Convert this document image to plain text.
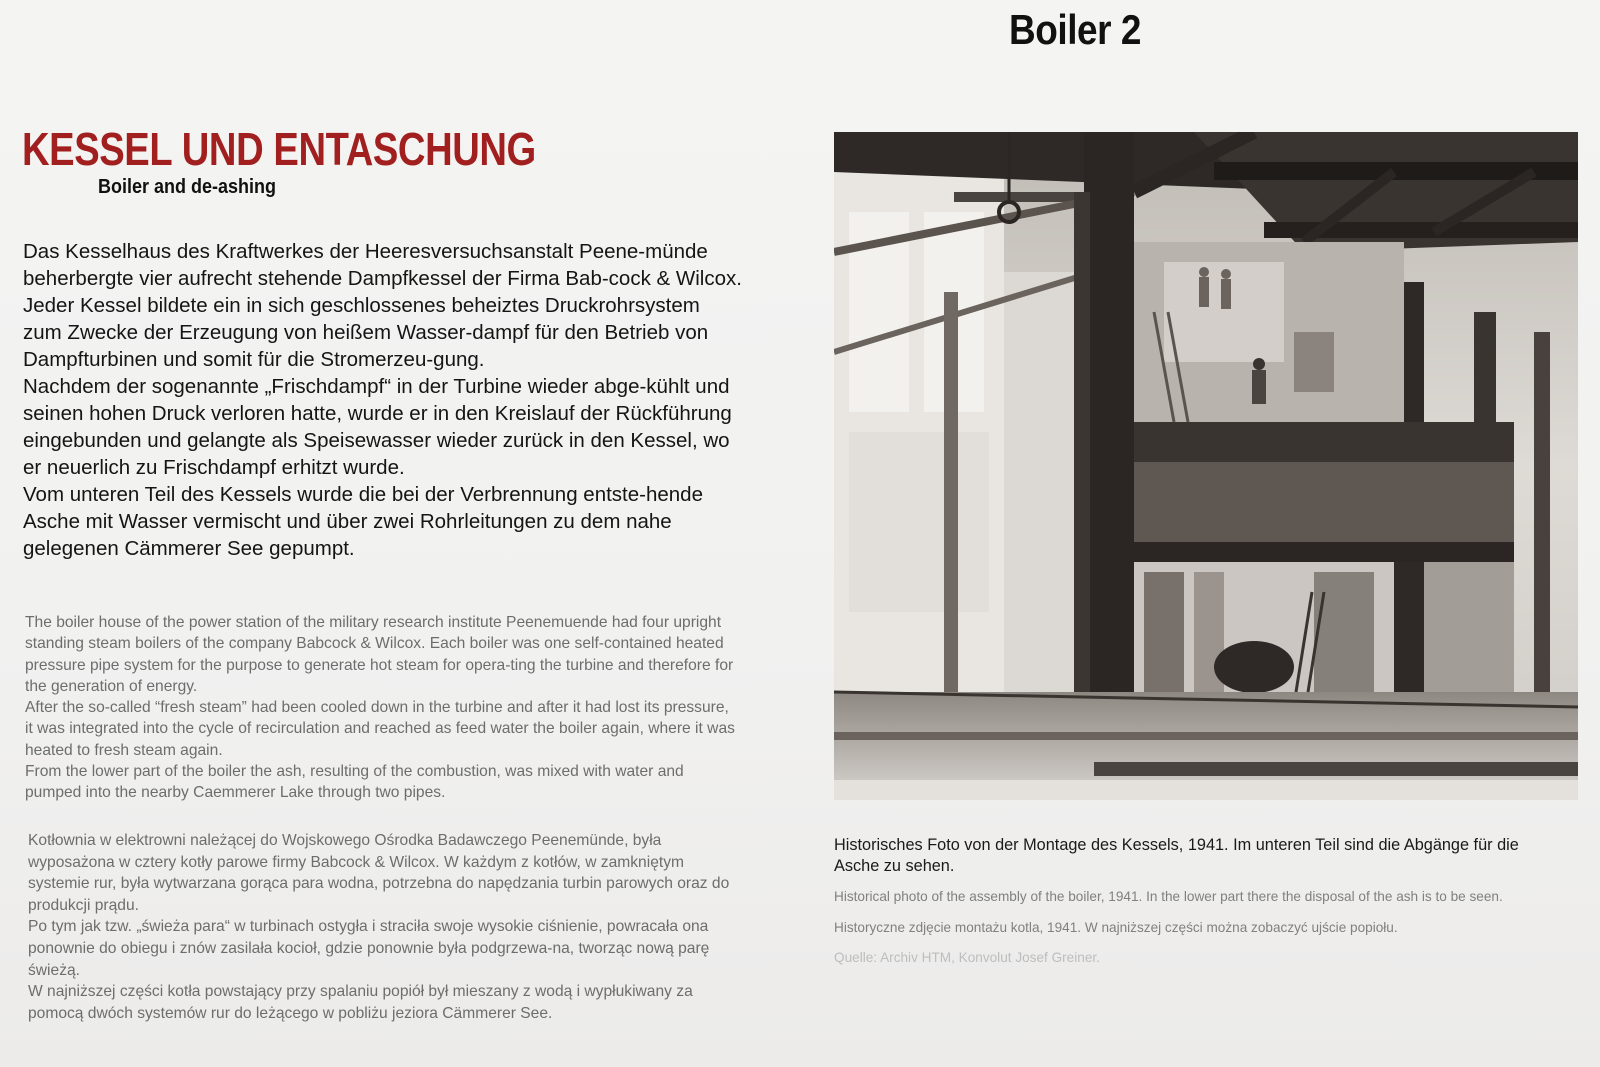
Boiler 2
KESSEL UND ENTASCHUNG
Boiler and de-ashing

Das Kesselhaus des Kraftwerkes der Heeresversuchsanstalt Peene-münde beherbergte vier aufrecht stehende Dampfkessel der Firma Bab-cock & Wilcox. Jeder Kessel bildete ein in sich geschlossenes beheiztes Druckrohrsystem zum Zwecke der Erzeugung von heißem Wasser-dampf für den Betrieb von Dampfturbinen und somit für die Stromerzeu-gung.

Nachdem der sogenannte „Frischdampf“ in der Turbine wieder abge-kühlt und seinen hohen Druck verloren hatte, wurde er in den Kreislauf der Rückführung eingebunden und gelangte als Speisewasser wieder zurück in den Kessel, wo er neuerlich zu Frischdampf erhitzt wurde.

Vom unteren Teil des Kessels wurde die bei der Verbrennung entste-hende Asche mit Wasser vermischt und über zwei Rohrleitungen zu dem nahe gelegenen Cämmerer See gepumpt.

The boiler house of the power station of the military research institute Peenemuende had four upright standing steam boilers of the company Babcock & Wilcox. Each boiler was one self-contained heated pressure pipe system for the purpose to generate hot steam for opera-ting the turbine and therefore for the generation of energy.

After the so-called “fresh steam” had been cooled down in the turbine and after it had lost its pressure, it was integrated into the cycle of recirculation and reached as feed water the boiler again, where it was heated to fresh steam again.

From the lower part of the boiler the ash, resulting of the combustion, was mixed with water and pumped into the nearby Caemmerer Lake through two pipes.

Kotłownia w elektrowni należącej do Wojskowego Ośrodka Badawczego Peenemünde, była wyposażona w cztery kotły parowe firmy Babcock & Wilcox. W każdym z kotłów, w zamkniętym systemie rur, była wytwarzana gorąca para wodna, potrzebna do napędzania turbin parowych oraz do produkcji prądu.

Po tym jak tzw. „świeża para“ w turbinach ostygła i straciła swoje wysokie ciśnienie, powracała ona ponownie do obiegu i znów zasilała kocioł, gdzie ponownie była podgrzewa-na, tworząc nową parę świeżą.

W najniższej części kotła powstający przy spalaniu popiół był mieszany z wodą i wypłukiwany za pomocą dwóch systemów rur do leżącego w pobliżu jeziora Cämmerer See.

Historisches Foto von der Montage des Kessels, 1941. Im unteren Teil sind die Abgänge für die Asche zu sehen.
Historical photo of the assembly of the boiler, 1941. In the lower part there the disposal of the ash is to be seen.
Historyczne zdjęcie montażu kotla, 1941. W najniższej części można zobaczyć ujście popiołu.
Quelle: Archiv HTM, Konvolut Josef Greiner.
